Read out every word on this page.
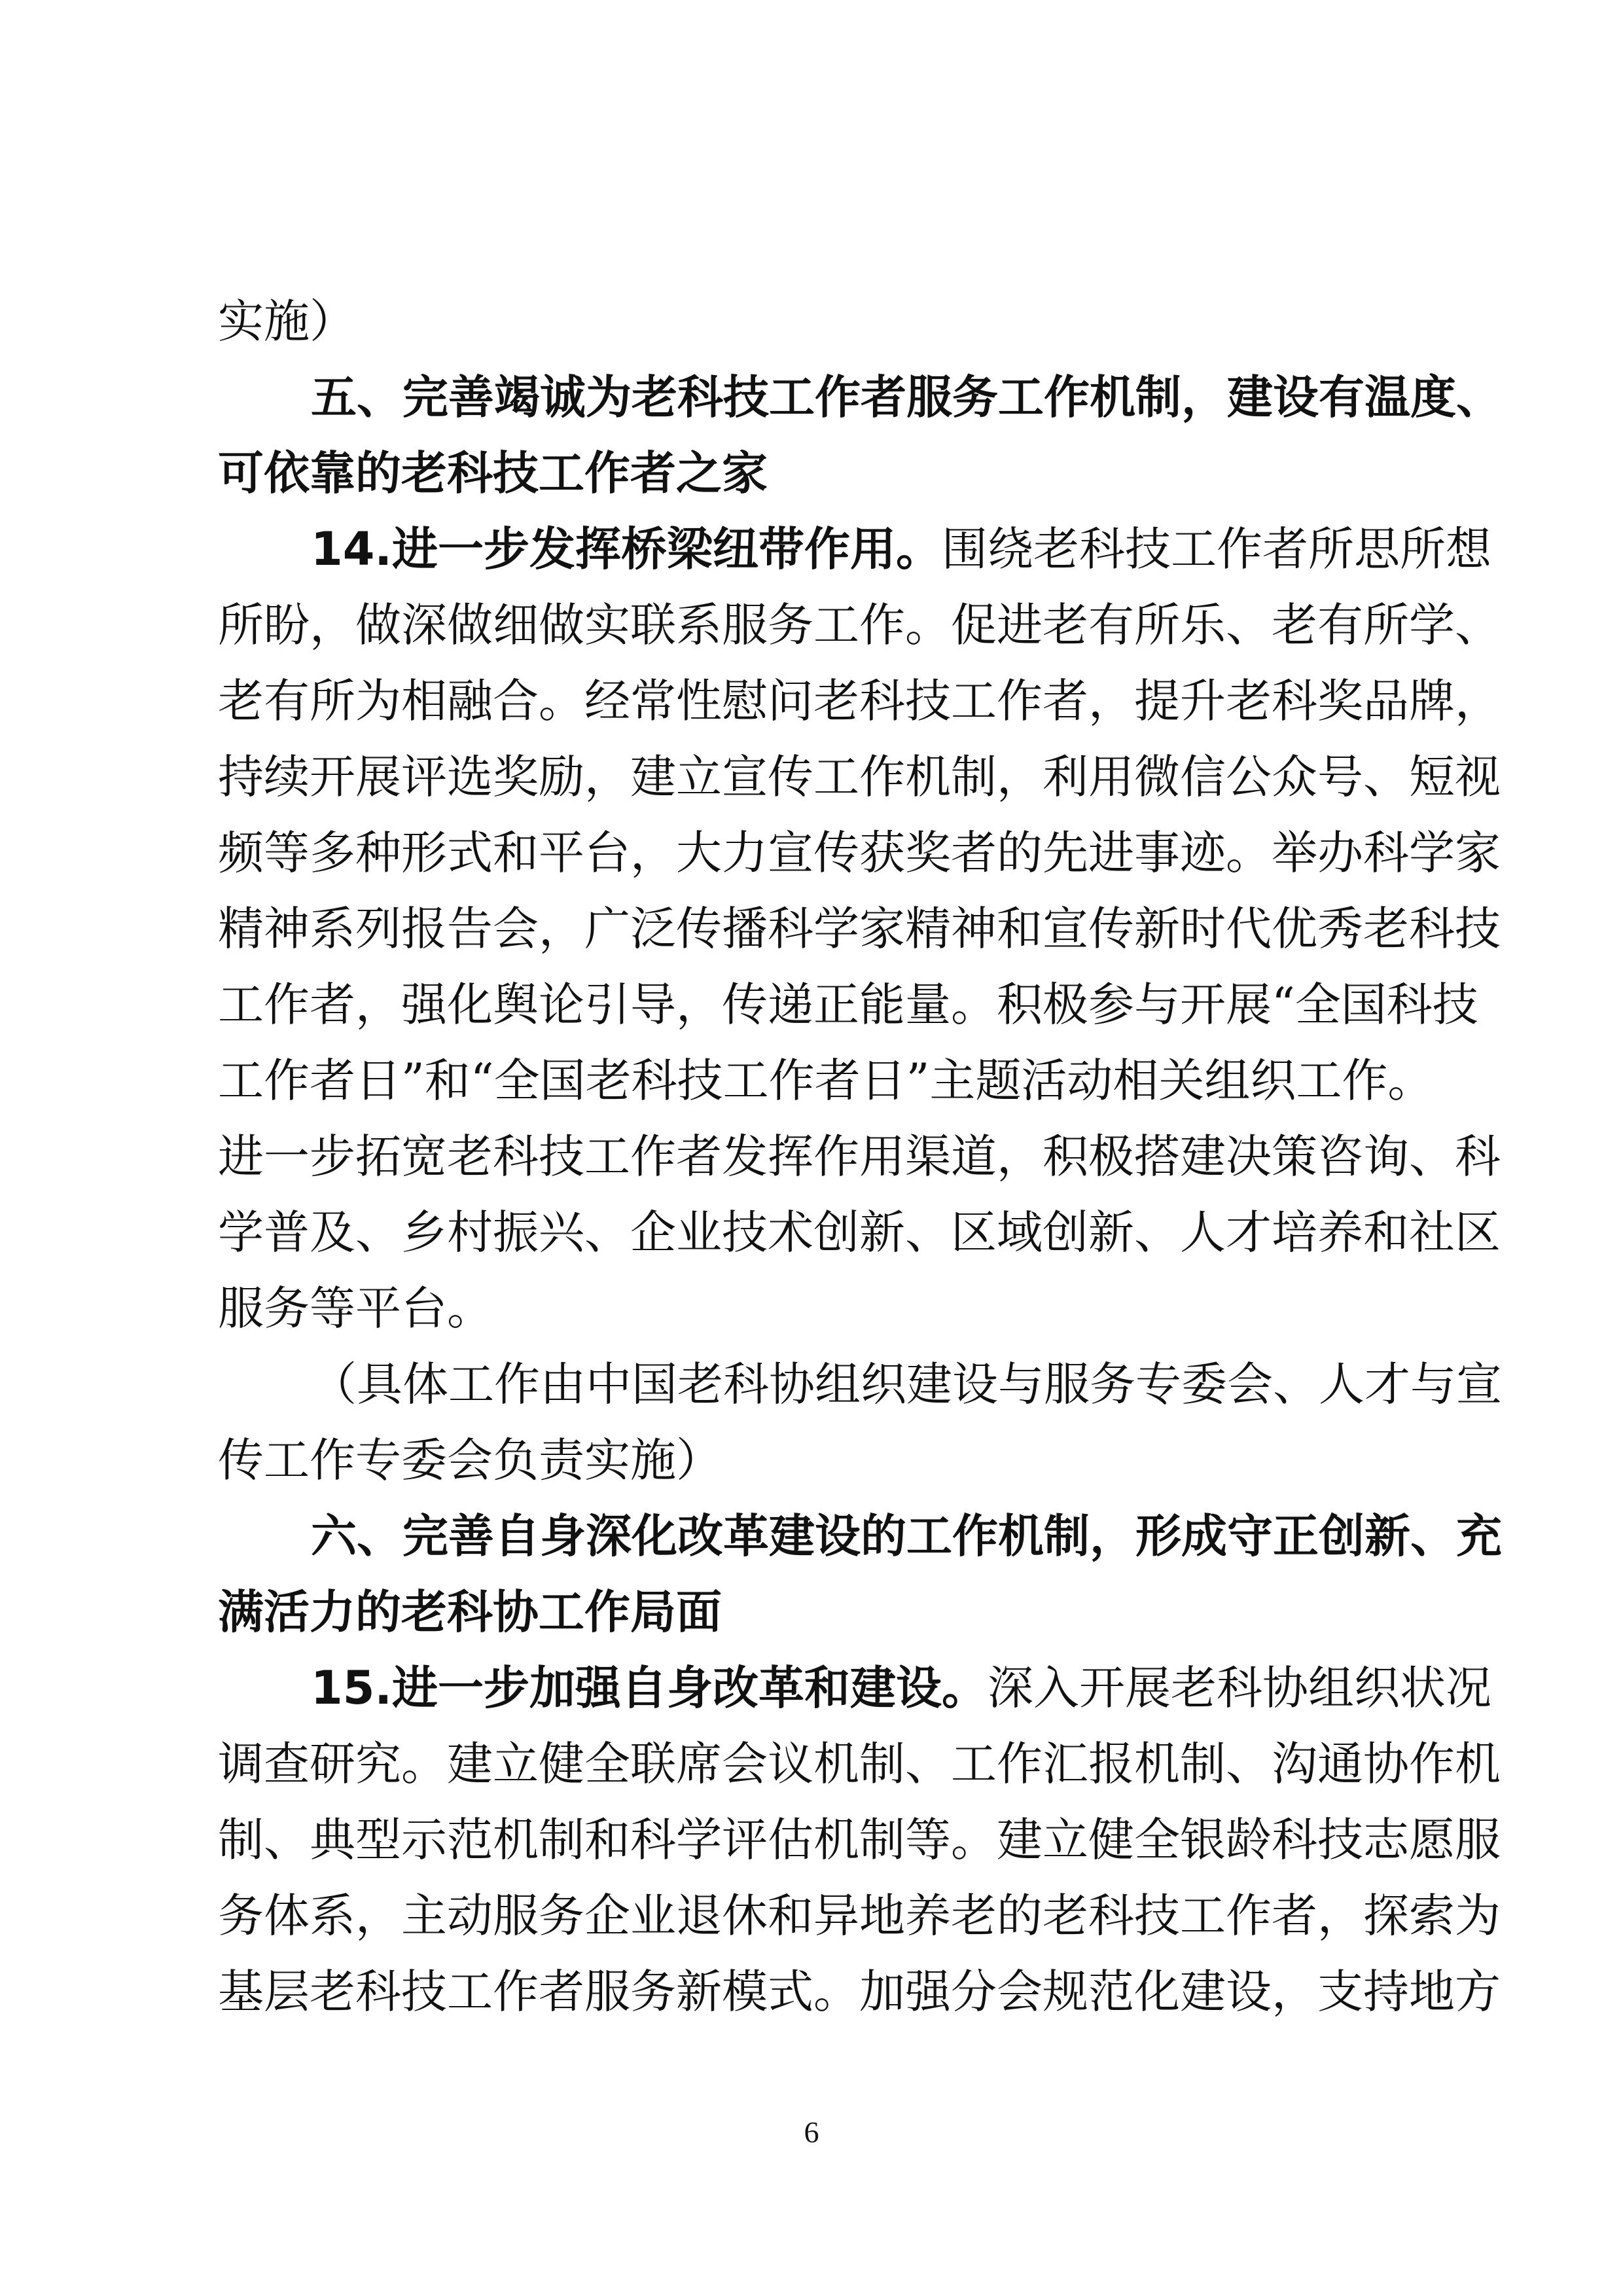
实施）
五、完善竭诚为老科技工作者服务工作机制，建设有温度、
可依靠的老科技工作者之家
14.进一步发挥桥梁纽带作用。围绕老科技工作者所思所想
所盼，做深做细做实联系服务工作。促进老有所乐、老有所学、
老有所为相融合。经常性慰问老科技工作者，提升老科奖品牌，
持续开展评选奖励，建立宣传工作机制，利用微信公众号、短视
频等多种形式和平台，大力宣传获奖者的先进事迹。举办科学家
精神系列报告会，广泛传播科学家精神和宣传新时代优秀老科技
工作者，强化舆论引导，传递正能量。积极参与开展“全国科技
工作者日”和“全国老科技工作者日”主题活动相关组织工作。
进一步拓宽老科技工作者发挥作用渠道，积极搭建决策咨询、科
学普及、乡村振兴、企业技术创新、区域创新、人才培养和社区
服务等平台。
（具体工作由中国老科协组织建设与服务专委会、人才与宣
传工作专委会负责实施）
六、完善自身深化改革建设的工作机制，形成守正创新、充
满活力的老科协工作局面
15.进一步加强自身改革和建设。深入开展老科协组织状况
调查研究。建立健全联席会议机制、工作汇报机制、沟通协作机
制、典型示范机制和科学评估机制等。建立健全银龄科技志愿服
务体系，主动服务企业退休和异地养老的老科技工作者，探索为
基层老科技工作者服务新模式。加强分会规范化建设，支持地方
6
